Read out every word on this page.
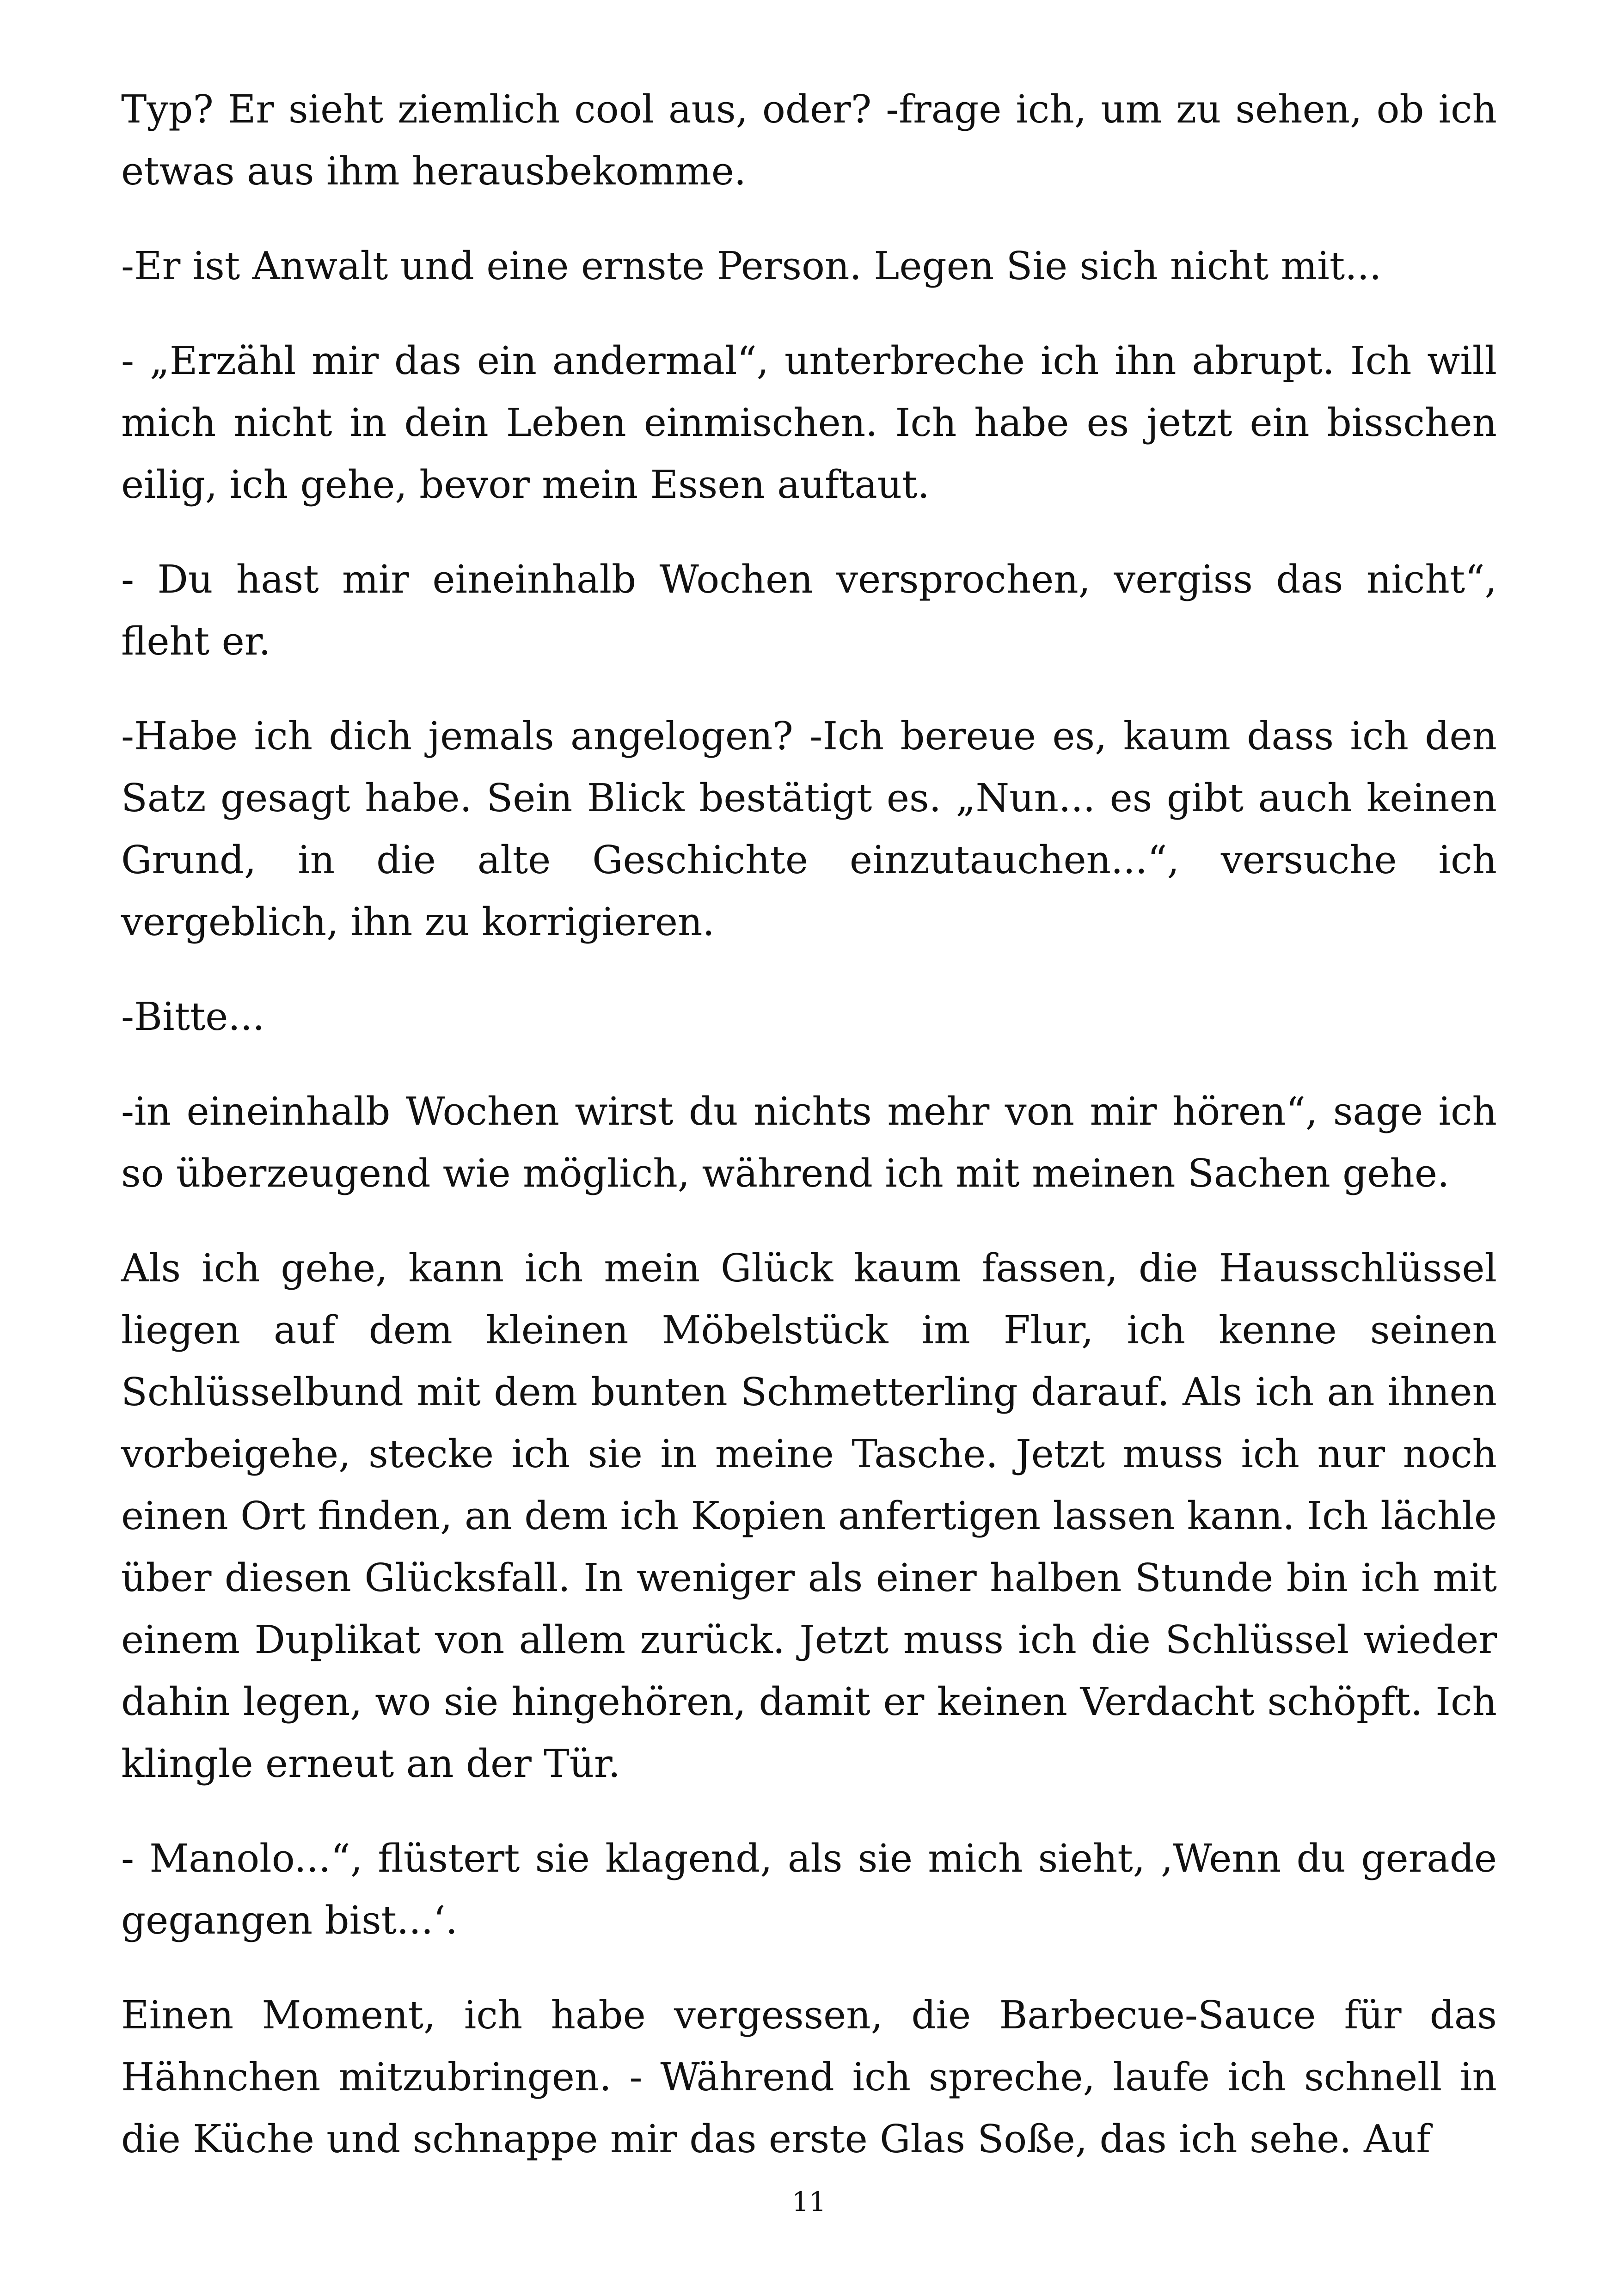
Typ? Er sieht ziemlich cool aus, oder? -frage ich, um zu sehen, ob ich etwas aus ihm herausbekomme.

-Er ist Anwalt und eine ernste Person. Legen Sie sich nicht mit...

- „Erzähl mir das ein andermal“, unterbreche ich ihn abrupt. Ich will mich nicht in dein Leben einmischen. Ich habe es jetzt ein bisschen eilig, ich gehe, bevor mein Essen auftaut.

- Du hast mir eineinhalb Wochen versprochen, vergiss das nicht“, fleht er.

-Habe ich dich jemals angelogen? -Ich bereue es, kaum dass ich den Satz gesagt habe. Sein Blick bestätigt es. „Nun... es gibt auch keinen Grund, in die alte Geschichte einzutauchen...“, versuche ich vergeblich, ihn zu korrigieren.

-Bitte...

-in eineinhalb Wochen wirst du nichts mehr von mir hören“, sage ich so überzeugend wie möglich, während ich mit meinen Sachen gehe.

Als ich gehe, kann ich mein Glück kaum fassen, die Hausschlüssel liegen auf dem kleinen Möbelstück im Flur, ich kenne seinen Schlüsselbund mit dem bunten Schmetterling darauf. Als ich an ihnen vorbeigehe, stecke ich sie in meine Tasche. Jetzt muss ich nur noch einen Ort finden, an dem ich Kopien anfertigen lassen kann. Ich lächle über diesen Glücksfall. In weniger als einer halben Stunde bin ich mit einem Duplikat von allem zurück. Jetzt muss ich die Schlüssel wieder dahin legen, wo sie hingehören, damit er keinen Verdacht schöpft. Ich klingle erneut an der Tür.

- Manolo...“, flüstert sie klagend, als sie mich sieht, ‚Wenn du gerade gegangen bist...‘.

Einen Moment, ich habe vergessen, die Barbecue-Sauce für das Hähnchen mitzubringen. - Während ich spreche, laufe ich schnell in die Küche und schnappe mir das erste Glas Soße, das ich sehe. Auf

11
